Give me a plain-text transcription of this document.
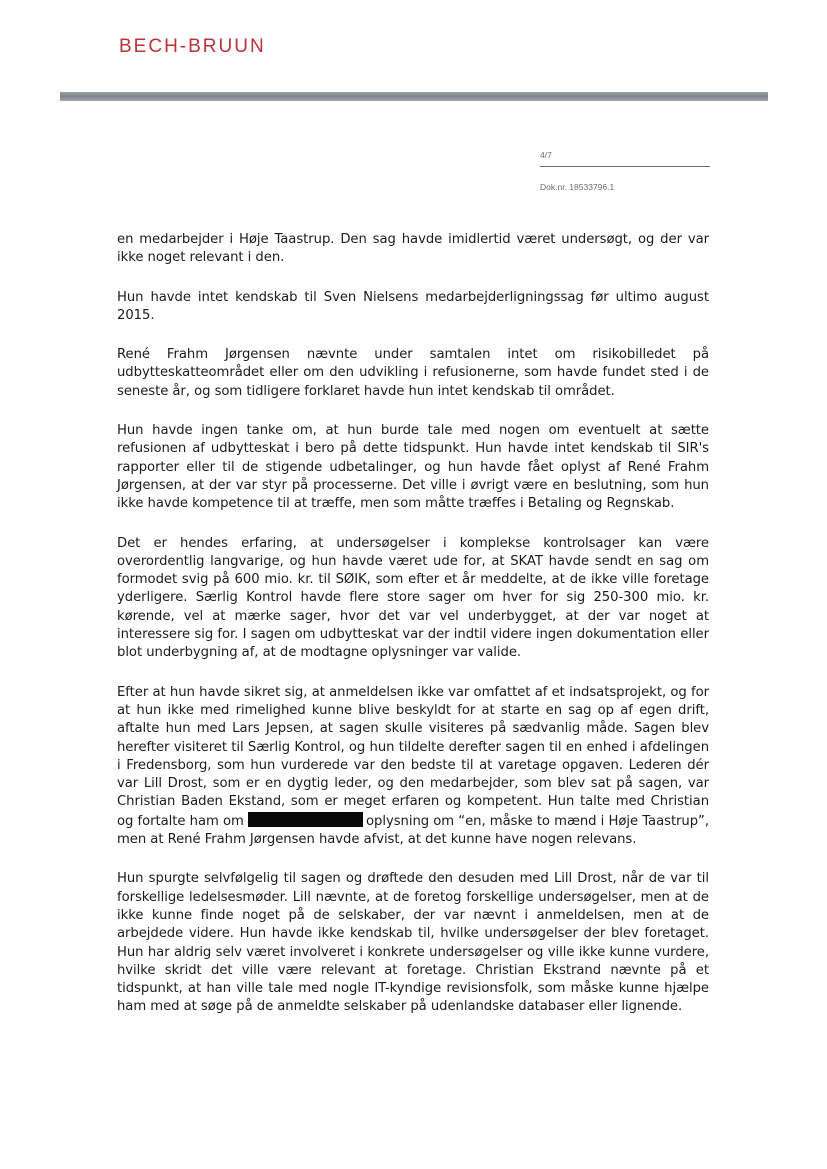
BECH-BRUUN
4/7
Dok.nr. 18533796.1

en medarbejder i Høje Taastrup. Den sag havde imidlertid været undersøgt, og der var ikke noget relevant i den.

Hun havde intet kendskab til Sven Nielsens medarbejderligningssag før ultimo august 2015.

René Frahm Jørgensen nævnte under samtalen intet om risikobilledet på udbytteskatteområdet eller om den udvikling i refusionerne, som havde fundet sted i de seneste år, og som tidligere forklaret havde hun intet kendskab til området.

Hun havde ingen tanke om, at hun burde tale med nogen om eventuelt at sætte refusionen af udbytteskat i bero på dette tidspunkt. Hun havde intet kendskab til SIR's rapporter eller til de stigende udbetalinger, og hun havde fået oplyst af René Frahm Jørgensen, at der var styr på processerne. Det ville i øvrigt være en beslutning, som hun ikke havde kompetence til at træffe, men som måtte træffes i Betaling og Regnskab.

Det er hendes erfaring, at undersøgelser i komplekse kontrolsager kan være overordentlig langvarige, og hun havde været ude for, at SKAT havde sendt en sag om formodet svig på 600 mio. kr. til SØIK, som efter et år meddelte, at de ikke ville foretage yderligere. Særlig Kontrol havde flere store sager om hver for sig 250-300 mio. kr. kørende, vel at mærke sager, hvor det var vel underbygget, at der var noget at interessere sig for. I sagen om udbytteskat var der indtil videre ingen dokumentation eller blot underbygning af, at de modtagne oplysninger var valide.

Efter at hun havde sikret sig, at anmeldelsen ikke var omfattet af et indsatsprojekt, og for at hun ikke med rimelighed kunne blive beskyldt for at starte en sag op af egen drift, aftalte hun med Lars Jepsen, at sagen skulle visiteres på sædvanlig måde. Sagen blev herefter visiteret til Særlig Kontrol, og hun tildelte derefter sagen til en enhed i afdelingen i Fredensborg, som hun vurderede var den bedste til at varetage opgaven. Lederen dér var Lill Drost, som er en dygtig leder, og den medarbejder, som blev sat på sagen, var Christian Baden Ekstand, som er meget erfaren og kompetent. Hun talte med Christian og fortalte ham om	oplysning om “en, måske to mænd i Høje Taastrup”, men at René Frahm Jørgensen havde afvist, at det kunne have nogen relevans.

Hun spurgte selvfølgelig til sagen og drøftede den desuden med Lill Drost, når de var til forskellige ledelsesmøder. Lill nævnte, at de foretog forskellige undersøgelser, men at de ikke kunne finde noget på de selskaber, der var nævnt i anmeldelsen, men at de arbejdede videre. Hun havde ikke kendskab til, hvilke undersøgelser der blev foretaget. Hun har aldrig selv været involveret i konkrete undersøgelser og ville ikke kunne vurdere, hvilke skridt det ville være relevant at foretage. Christian Ekstrand nævnte på et tidspunkt, at han ville tale med nogle IT-kyndige revisionsfolk, som måske kunne hjælpe ham med at søge på de anmeldte selskaber på udenlandske databaser eller lignende.
